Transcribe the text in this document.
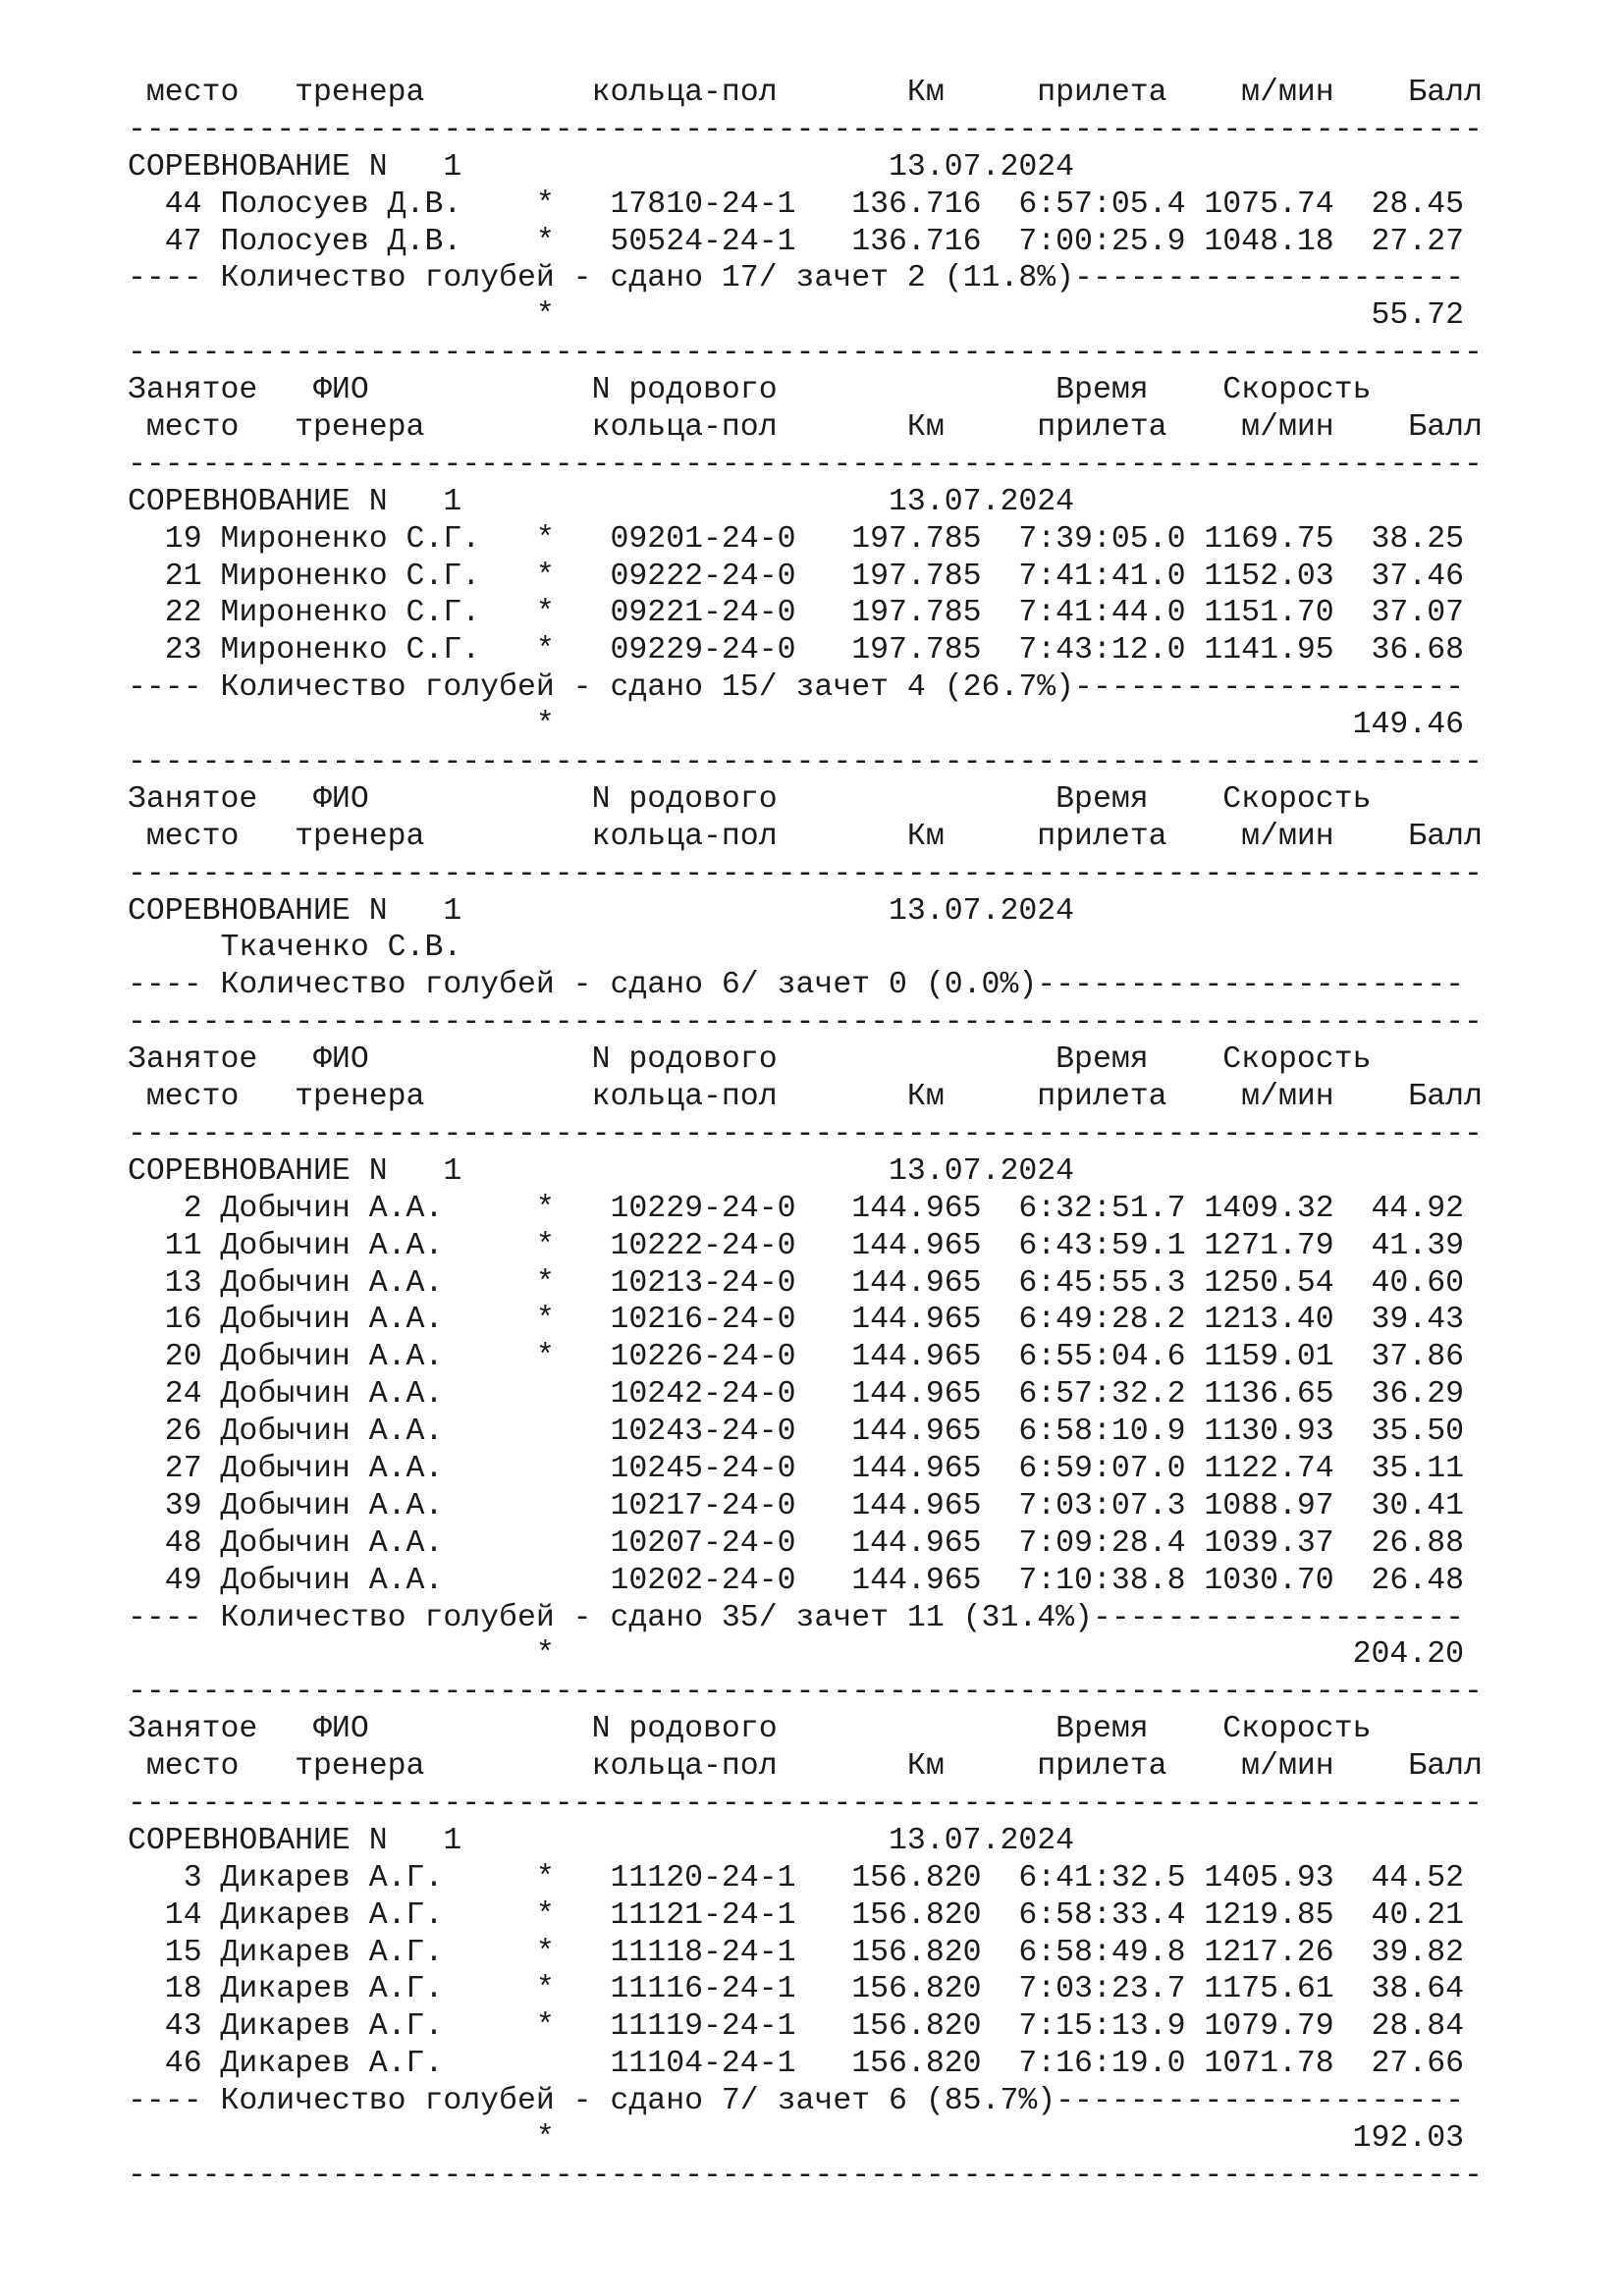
место   тренера         кольца-пол       Км     прилета    м/мин    Балл
-------------------------------------------------------------------------
СОРЕВНОВАНИЕ N   1                       13.07.2024
44 Полосуев Д.В.    *   17810-24-1   136.716  6:57:05.4 1075.74  28.45
47 Полосуев Д.В.    *   50524-24-1   136.716  7:00:25.9 1048.18  27.27
---- Количество голубей - сдано 17/ зачет 2 (11.8%)---------------------
*                                            55.72
-------------------------------------------------------------------------
Занятое   ФИО            N родового               Время    Скорость
место   тренера         кольца-пол       Км     прилета    м/мин    Балл
-------------------------------------------------------------------------
СОРЕВНОВАНИЕ N   1                       13.07.2024
19 Мироненко С.Г.   *   09201-24-0   197.785  7:39:05.0 1169.75  38.25
21 Мироненко С.Г.   *   09222-24-0   197.785  7:41:41.0 1152.03  37.46
22 Мироненко С.Г.   *   09221-24-0   197.785  7:41:44.0 1151.70  37.07
23 Мироненко С.Г.   *   09229-24-0   197.785  7:43:12.0 1141.95  36.68
---- Количество голубей - сдано 15/ зачет 4 (26.7%)---------------------
*                                           149.46
-------------------------------------------------------------------------
Занятое   ФИО            N родового               Время    Скорость
место   тренера         кольца-пол       Км     прилета    м/мин    Балл
-------------------------------------------------------------------------
СОРЕВНОВАНИЕ N   1                       13.07.2024
Ткаченко С.В.
---- Количество голубей - сдано 6/ зачет 0 (0.0%)-----------------------
-------------------------------------------------------------------------
Занятое   ФИО            N родового               Время    Скорость
место   тренера         кольца-пол       Км     прилета    м/мин    Балл
-------------------------------------------------------------------------
СОРЕВНОВАНИЕ N   1                       13.07.2024
2 Добычин А.А.     *   10229-24-0   144.965  6:32:51.7 1409.32  44.92
11 Добычин А.А.     *   10222-24-0   144.965  6:43:59.1 1271.79  41.39
13 Добычин А.А.     *   10213-24-0   144.965  6:45:55.3 1250.54  40.60
16 Добычин А.А.     *   10216-24-0   144.965  6:49:28.2 1213.40  39.43
20 Добычин А.А.     *   10226-24-0   144.965  6:55:04.6 1159.01  37.86
24 Добычин А.А.         10242-24-0   144.965  6:57:32.2 1136.65  36.29
26 Добычин А.А.         10243-24-0   144.965  6:58:10.9 1130.93  35.50
27 Добычин А.А.         10245-24-0   144.965  6:59:07.0 1122.74  35.11
39 Добычин А.А.         10217-24-0   144.965  7:03:07.3 1088.97  30.41
48 Добычин А.А.         10207-24-0   144.965  7:09:28.4 1039.37  26.88
49 Добычин А.А.         10202-24-0   144.965  7:10:38.8 1030.70  26.48
---- Количество голубей - сдано 35/ зачет 11 (31.4%)--------------------
*                                           204.20
-------------------------------------------------------------------------
Занятое   ФИО            N родового               Время    Скорость
место   тренера         кольца-пол       Км     прилета    м/мин    Балл
-------------------------------------------------------------------------
СОРЕВНОВАНИЕ N   1                       13.07.2024
3 Дикарев А.Г.     *   11120-24-1   156.820  6:41:32.5 1405.93  44.52
14 Дикарев А.Г.     *   11121-24-1   156.820  6:58:33.4 1219.85  40.21
15 Дикарев А.Г.     *   11118-24-1   156.820  6:58:49.8 1217.26  39.82
18 Дикарев А.Г.     *   11116-24-1   156.820  7:03:23.7 1175.61  38.64
43 Дикарев А.Г.     *   11119-24-1   156.820  7:15:13.9 1079.79  28.84
46 Дикарев А.Г.         11104-24-1   156.820  7:16:19.0 1071.78  27.66
---- Количество голубей - сдано 7/ зачет 6 (85.7%)----------------------
*                                           192.03
-------------------------------------------------------------------------
